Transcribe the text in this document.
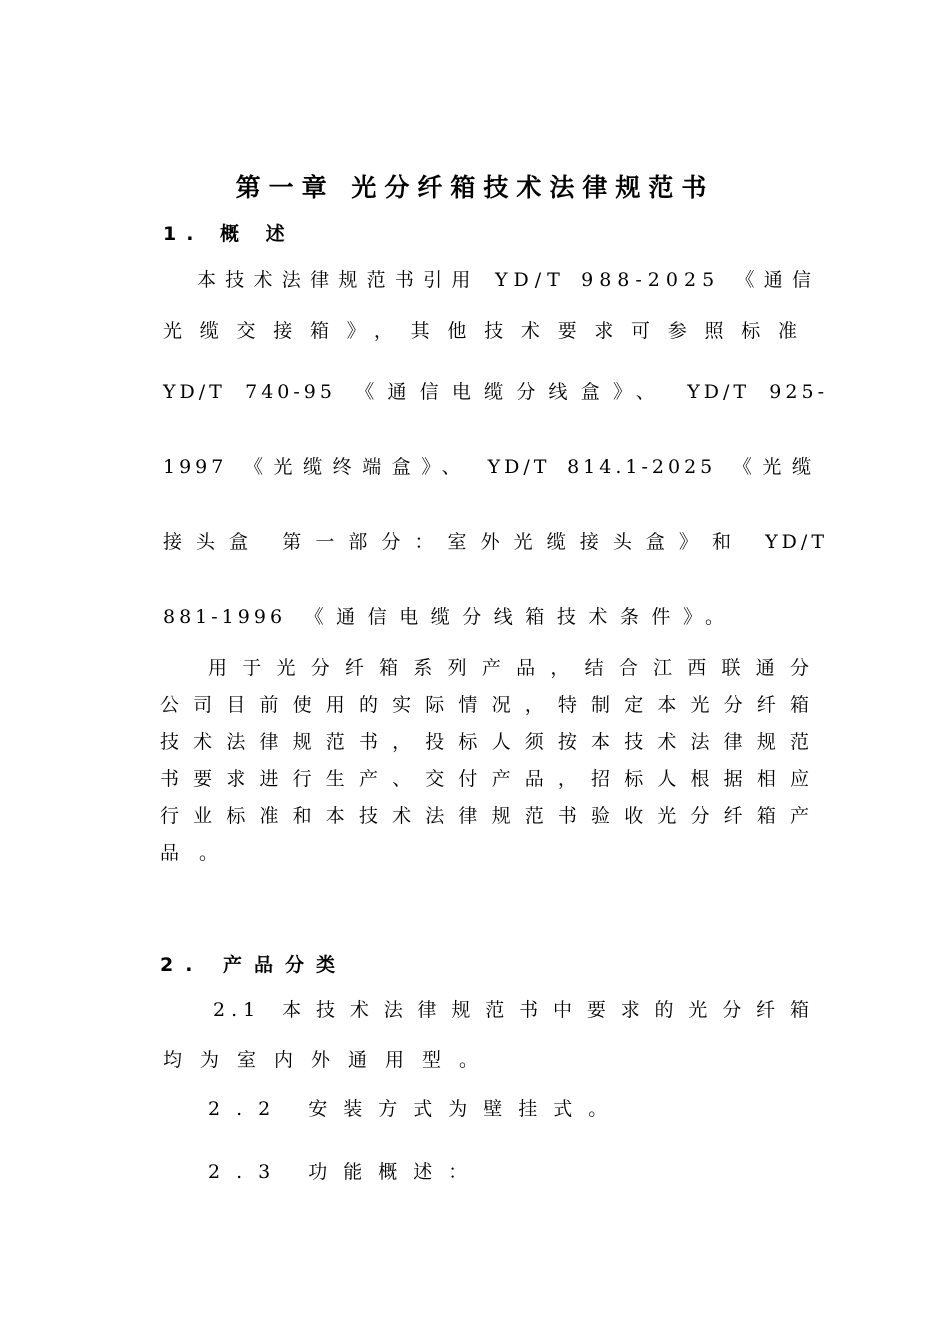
第一章 光分纤箱技术法律规范书
1. 概 述
本技术法律规范书引用 YD/T 988-2025 《通信
光缆交接箱》，其他技术要求可参照标准
YD/T 740-95 《通信电缆分线盒》、 YD/T 925-
1997 《光缆终端盒》、 YD/T 814.1-2025 《光缆
接头盒 第一部分：室外光缆接头盒》和 YD/T
881-1996 《通信电缆分线箱技术条件》。
用于光分纤箱系列产品，结合江西联通分
公司目前使用的实际情况，特制定本光分纤箱
技术法律规范书，投标人须按本技术法律规范
书要求进行生产、交付产品，招标人根据相应
行业标准和本技术法律规范书验收光分纤箱产
品。
2. 产品分类
2.1 本技术法律规范书中要求的光分纤箱
均为室内外通用型。
2.2 安装方式为壁挂式。
2.3 功能概述：
